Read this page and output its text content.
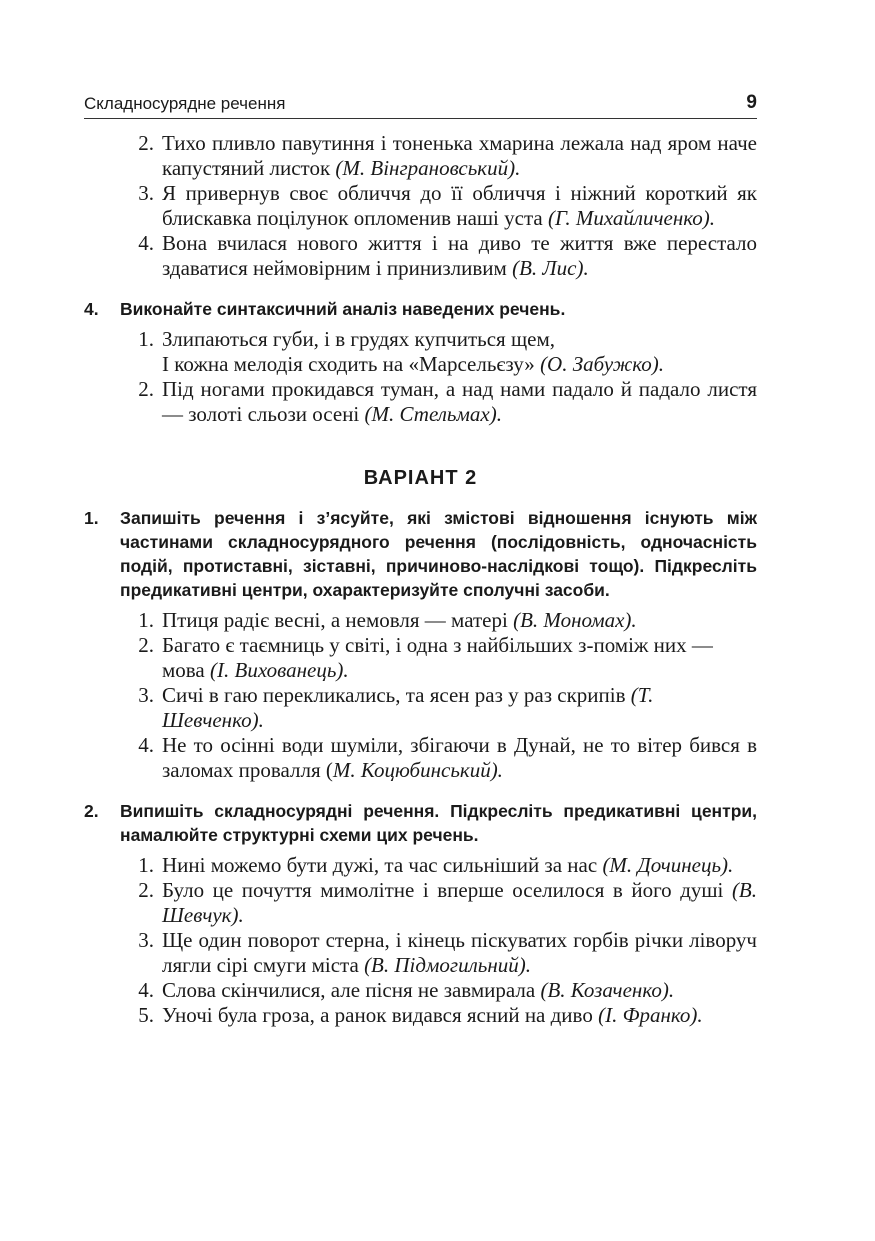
Складносурядне речення	9
2. Тихо пливло павутиння і тоненька хмарина лежала над яром наче капустяний листок (М. Вінграновський).
3. Я привернув своє обличчя до її обличчя і ніжний короткий як блискавка поцілунок опломенив наші уста (Г. Михайличенко).
4. Вона вчилася нового життя і на диво те життя вже перестало здаватися неймовірним і принизливим (В. Лис).
4.	Виконайте синтаксичний аналіз наведених речень.
1. Злипаються губи, і в грудях купчиться щем,
І кожна мелодія сходить на «Марсельєзу» (О. Забужко).
2. Під ногами прокидався туман, а над нами падало й падало листя — золоті сльози осені (М. Стельмах).
ВАРІАНТ 2
1.	Запишіть речення і з’ясуйте, які змістові відношення існують між частинами складносурядного речення (послідовність, одночасність подій, протиставні, зіставні, причиново-наслідкові тощо). Підкресліть предикативні центри, охарактеризуйте сполучні засоби.
1. Птиця радіє весні, а немовля — матері (В. Мономах).
2. Багато є таємниць у світі, і одна з найбільших з-поміж них — мова (І. Вихованець).
3. Сичі в гаю перекликались, та ясен раз у раз скрипів (Т. Шевченко).
4. Не то осінні води шуміли, збігаючи в Дунай, не то вітер бився в заломах провалля (М. Коцюбинський).
2.	Випишіть складносурядні речення. Підкресліть предикативні центри, намалюйте структурні схеми цих речень.
1. Нині можемо бути дужі, та час сильніший за нас (М. Дочинець).
2. Було це почуття мимолітне і вперше оселилося в його душі (В. Шевчук).
3. Ще один поворот стерна, і кінець піскуватих горбів річки ліворуч лягли сірі смуги міста (В. Підмогильний).
4. Слова скінчилися, але пісня не завмирала (В. Козаченко).
5. Уночі була гроза, а ранок видався ясний на диво (І. Франко).
